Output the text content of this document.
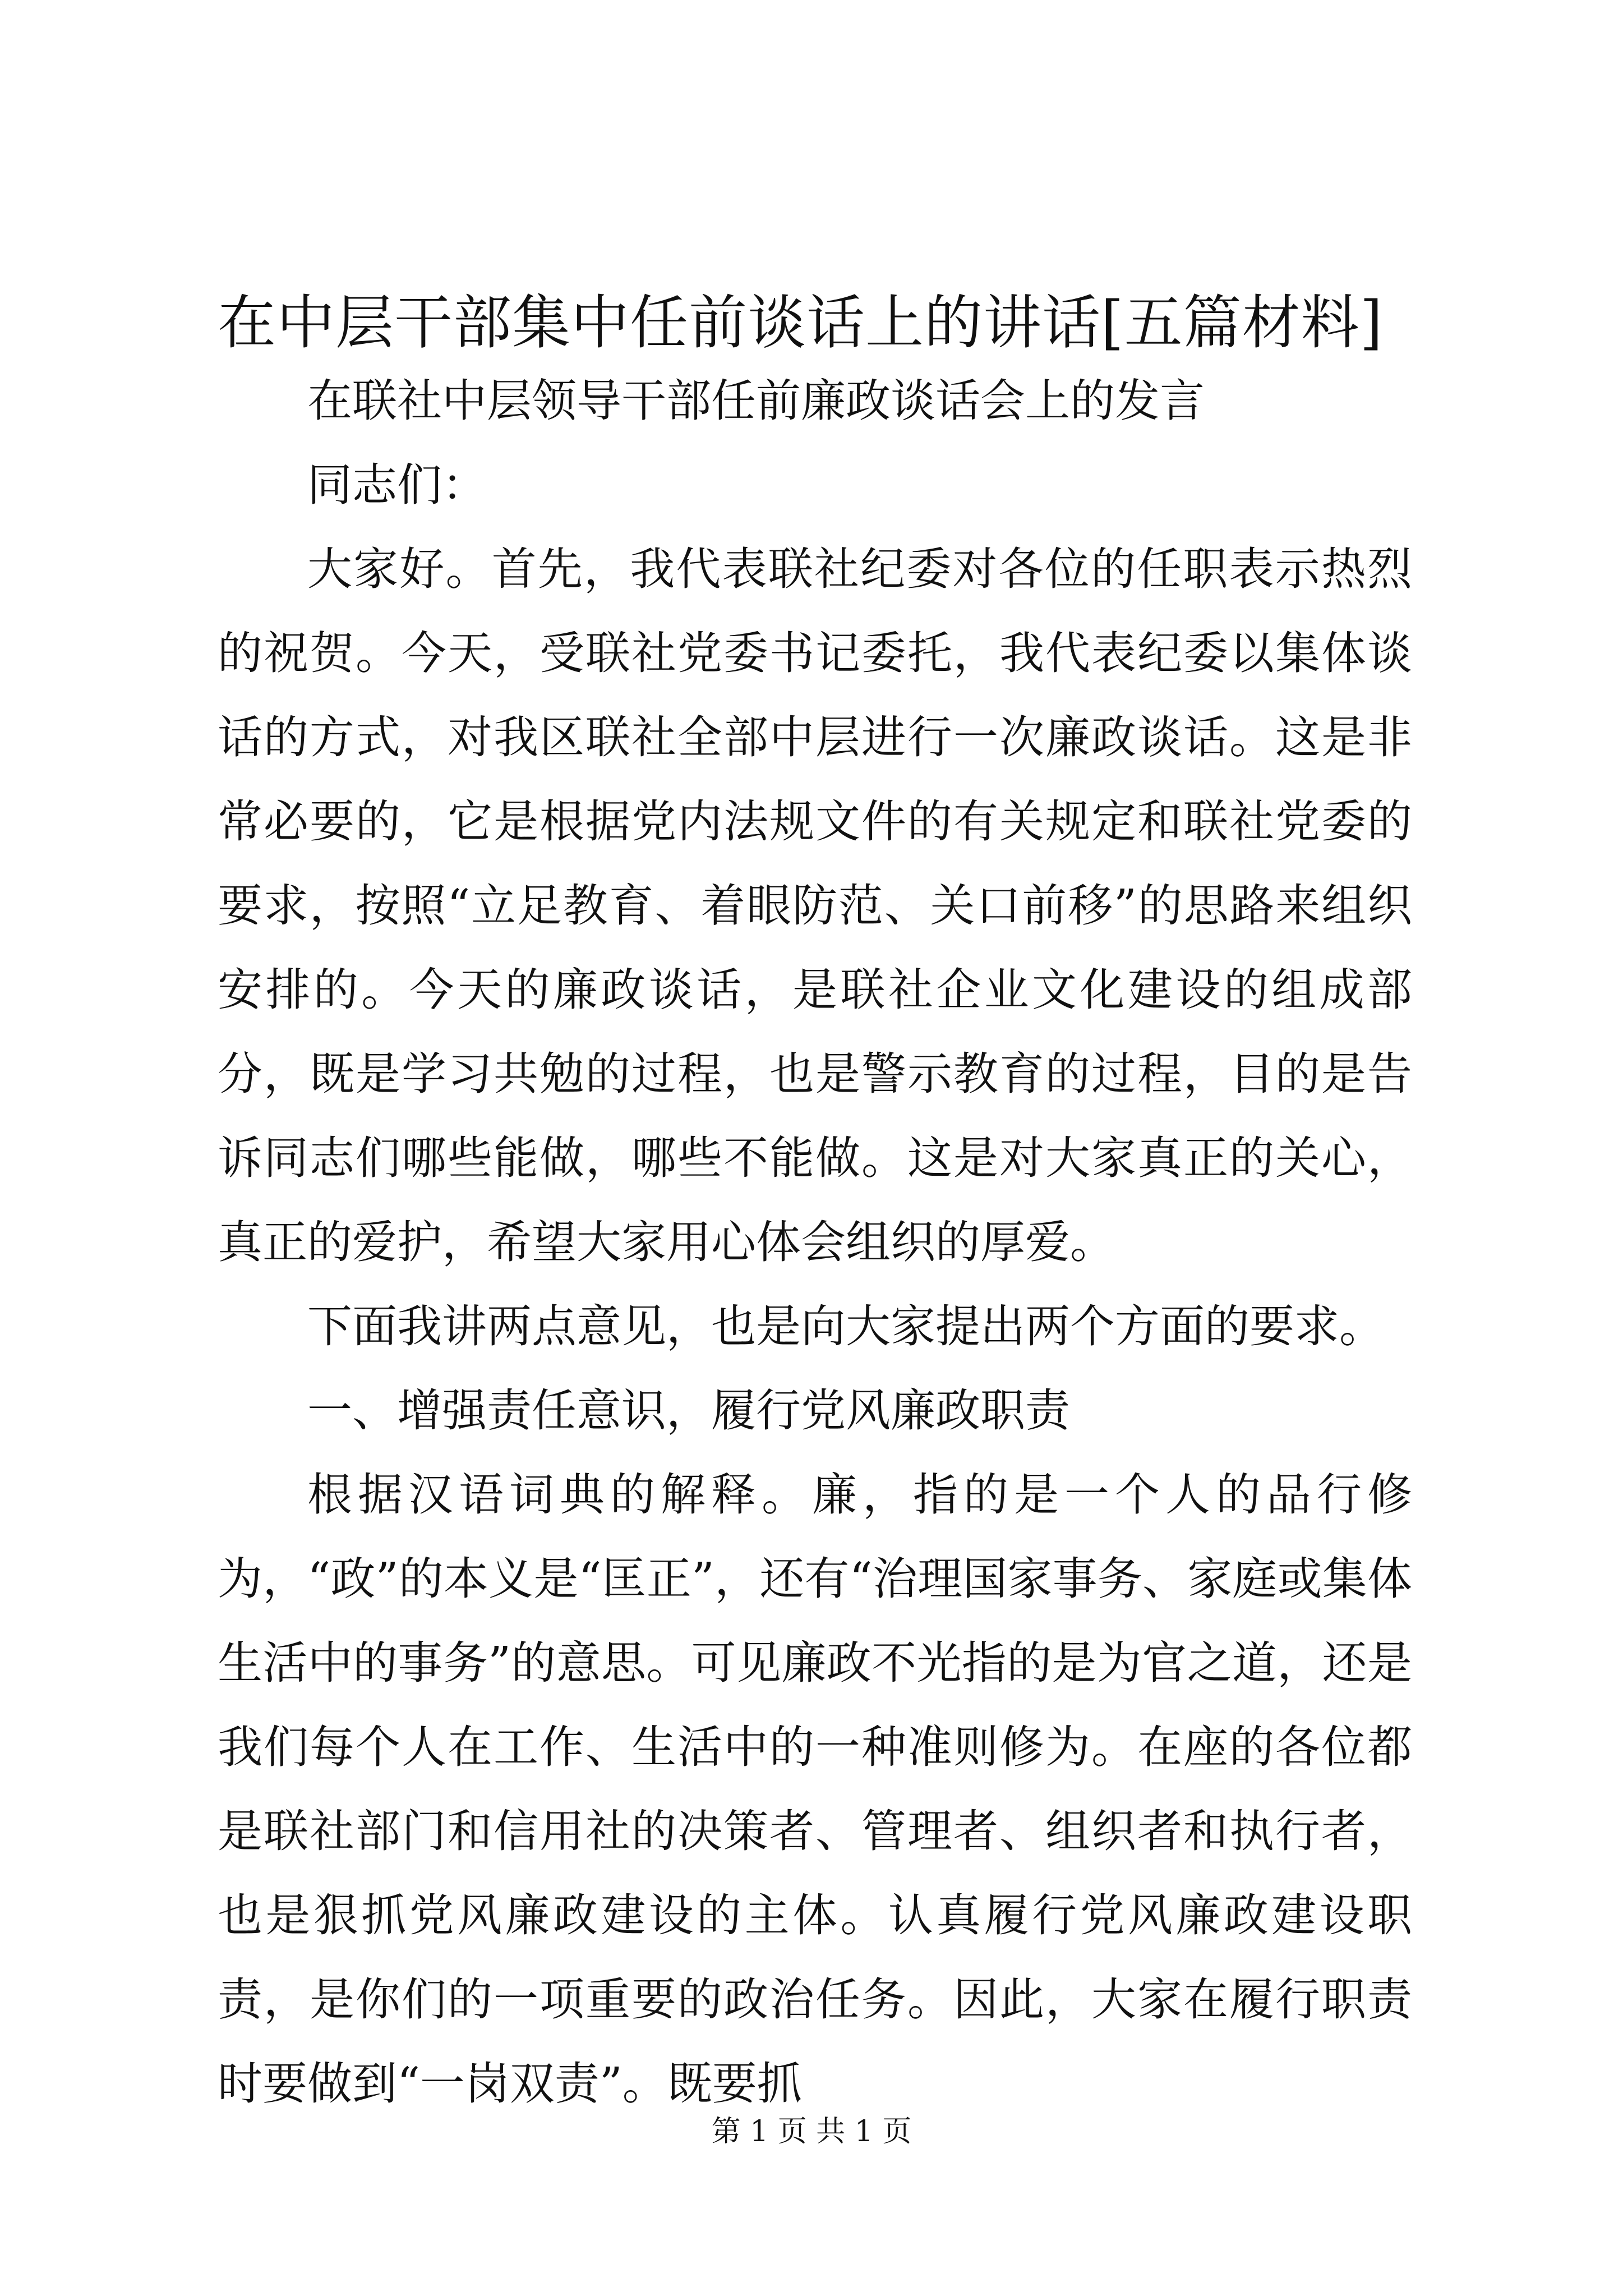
在中层干部集中任前谈话上的讲话[五篇材料]

在联社中层领导干部任前廉政谈话会上的发言

同志们：

大家好。首先，我代表联社纪委对各位的任职表示热烈的祝贺。今天，受联社党委书记委托，我代表纪委以集体谈话的方式，对我区联社全部中层进行一次廉政谈话。这是非常必要的，它是根据党内法规文件的有关规定和联社党委的要求，按照“立足教育、着眼防范、关口前移”的思路来组织安排的。今天的廉政谈话，是联社企业文化建设的组成部分，既是学习共勉的过程，也是警示教育的过程，目的是告诉同志们哪些能做，哪些不能做。这是对大家真正的关心，真正的爱护，希望大家用心体会组织的厚爱。

下面我讲两点意见，也是向大家提出两个方面的要求。

一、增强责任意识，履行党风廉政职责

根据汉语词典的解释。廉，指的是一个人的品行修为，“政”的本义是“匡正”，还有“治理国家事务、家庭或集体生活中的事务”的意思。可见廉政不光指的是为官之道，还是我们每个人在工作、生活中的一种准则修为。在座的各位都是联社部门和信用社的决策者、管理者、组织者和执行者，也是狠抓党风廉政建设的主体。认真履行党风廉政建设职责，是你们的一项重要的政治任务。因此，大家在履行职责时要做到“一岗双责”。既要抓

第 1 页 共 1 页
